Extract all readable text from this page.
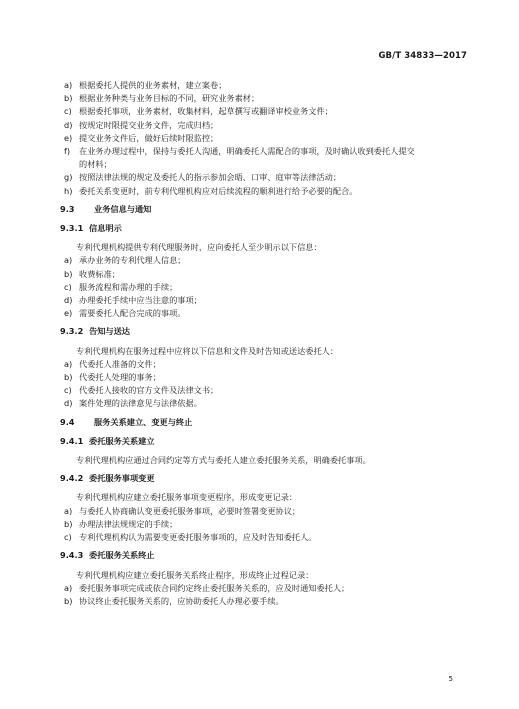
GB/T 34833—2017
a) 根据委托人提供的业务素材，建立案卷；
b) 根据业务种类与业务目标的不同，研究业务素材；
c) 根据委托事项，业务素材，收集材料，起草撰写或翻译审校业务文件；
d) 按规定时限提交业务文件，完成归档；
e) 提交业务文件后，做好后续时限监控；
f) 在业务办理过程中，保持与委托人沟通，明确委托人需配合的事项，及时确认收到委托人提交
的材料；
g) 按照法律法规的规定及委托人的指示参加会晤、口审、庭审等法律活动；
h) 委托关系变更时，前专利代理机构应对后续流程的顺利进行给予必要的配合。
9.3 业务信息与通知
9.3.1 信息明示
专利代理机构提供专利代理服务时，应向委托人至少明示以下信息：
a) 承办业务的专利代理人信息；
b) 收费标准；
c) 服务流程和需办理的手续；
d) 办理委托手续中应当注意的事项；
e) 需要委托人配合完成的事项。
9.3.2 告知与送达
专利代理机构在服务过程中应将以下信息和文件及时告知或送达委托人：
a) 代委托人准备的文件；
b) 代委托人处理的事务；
c) 代委托人接收的官方文件及法律文书；
d) 案件处理的法律意见与法律依据。
9.4 服务关系建立、变更与终止
9.4.1 委托服务关系建立
专利代理机构应通过合同约定等方式与委托人建立委托服务关系，明确委托事项。
9.4.2 委托服务事项变更
专利代理机构应建立委托服务事项变更程序，形成变更记录：
a) 与委托人协商确认变更委托服务事项，必要时签署变更协议；
b) 办理法律法规规定的手续；
c) 专利代理机构认为需要变更委托服务事项的，应及时告知委托人。
9.4.3 委托服务关系终止
专利代理机构应建立委托服务关系终止程序，形成终止过程记录：
a) 委托服务事项完成或依合同约定终止委托服务关系的，应及时通知委托人；
b) 协议终止委托服务关系的，应协助委托人办理必要手续。
5
